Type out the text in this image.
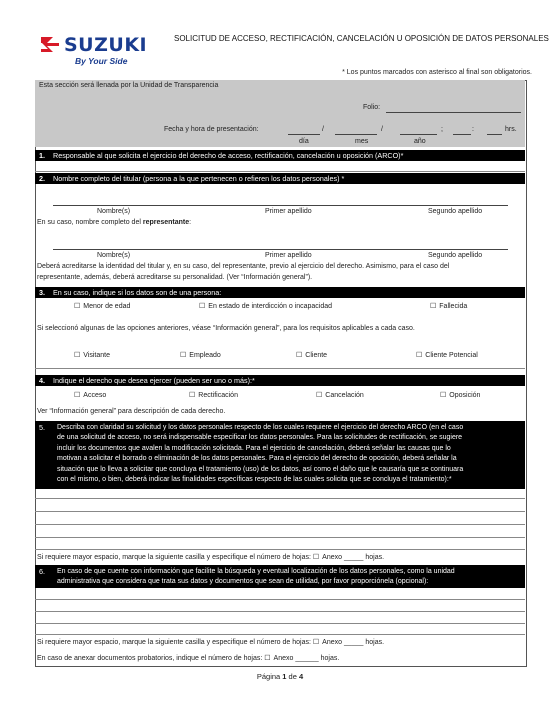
SUZUKI
By Your Side
SOLICITUD DE ACCESO, RECTIFICACIÓN, CANCELACIÓN U OPOSICIÓN DE DATOS PERSONALES
* Los puntos marcados con asterisco al final son obligatorios.
Esta sección será llenada por la Unidad de Transparencia
Folio:
Fecha y hora de presentación:	/	/	;	:	hrs.
día	mes	año
1. Responsable al que solicita el ejercicio del derecho de acceso, rectificación, cancelación u oposición (ARCO)*
2. Nombre completo del titular (persona a la que pertenecen o refieren los datos personales) *
Nombre(s)	Primer apellido	Segundo apellido
En su caso, nombre completo del representante:
Nombre(s)	Primer apellido	Segundo apellido
Deberá acreditarse la identidad del titular y, en su caso, del representante, previo al ejercicio del derecho. Asimismo, para el caso del
representante, además, deberá acreditarse su personalidad. (Ver “Información general”).
3. En su caso, indique si los datos son de una persona:
☐ Menor de edad	☐ En estado de interdicción o incapacidad	☐ Fallecida
Si seleccionó algunas de las opciones anteriores, véase “Información general”, para los requisitos aplicables a cada caso.
☐ Visitante	☐ Empleado	☐ Cliente	☐ Cliente Potencial
4. Indique el derecho que desea ejercer (pueden ser uno o más):*
☐ Acceso	☐ Rectificación	☐ Cancelación	☐ Oposición
Ver “Información general” para descripción de cada derecho.
5. Describa con claridad su solicitud y los datos personales respecto de los cuales requiere el ejercicio del derecho ARCO (en el caso
de una solicitud de acceso, no será indispensable especificar los datos personales. Para las solicitudes de rectificación, se sugiere
incluir los documentos que avalen la modificación solicitada. Para el ejercicio de cancelación, deberá señalar las causas que lo
motivan a solicitar el borrado o eliminación de los datos personales. Para el ejercicio del derecho de oposición, deberá señalar la
situación que lo lleva a solicitar que concluya el tratamiento (uso) de los datos, así como el daño que le causaría que se continuara
con el mismo, o bien, deberá indicar las finalidades específicas respecto de las cuales solicita que se concluya el tratamiento):*
Si requiere mayor espacio, marque la siguiente casilla y especifique el número de hojas: ☐ Anexo _____ hojas.
6. En caso de que cuente con información que facilite la búsqueda y eventual localización de los datos personales, como la unidad
administrativa que considera que trata sus datos y documentos que sean de utilidad, por favor proporciónela (opcional):
Si requiere mayor espacio, marque la siguiente casilla y especifique el número de hojas: ☐ Anexo _____ hojas.
En caso de anexar documentos probatorios, indique el número de hojas: ☐ Anexo ______ hojas.
Página 1 de 4
